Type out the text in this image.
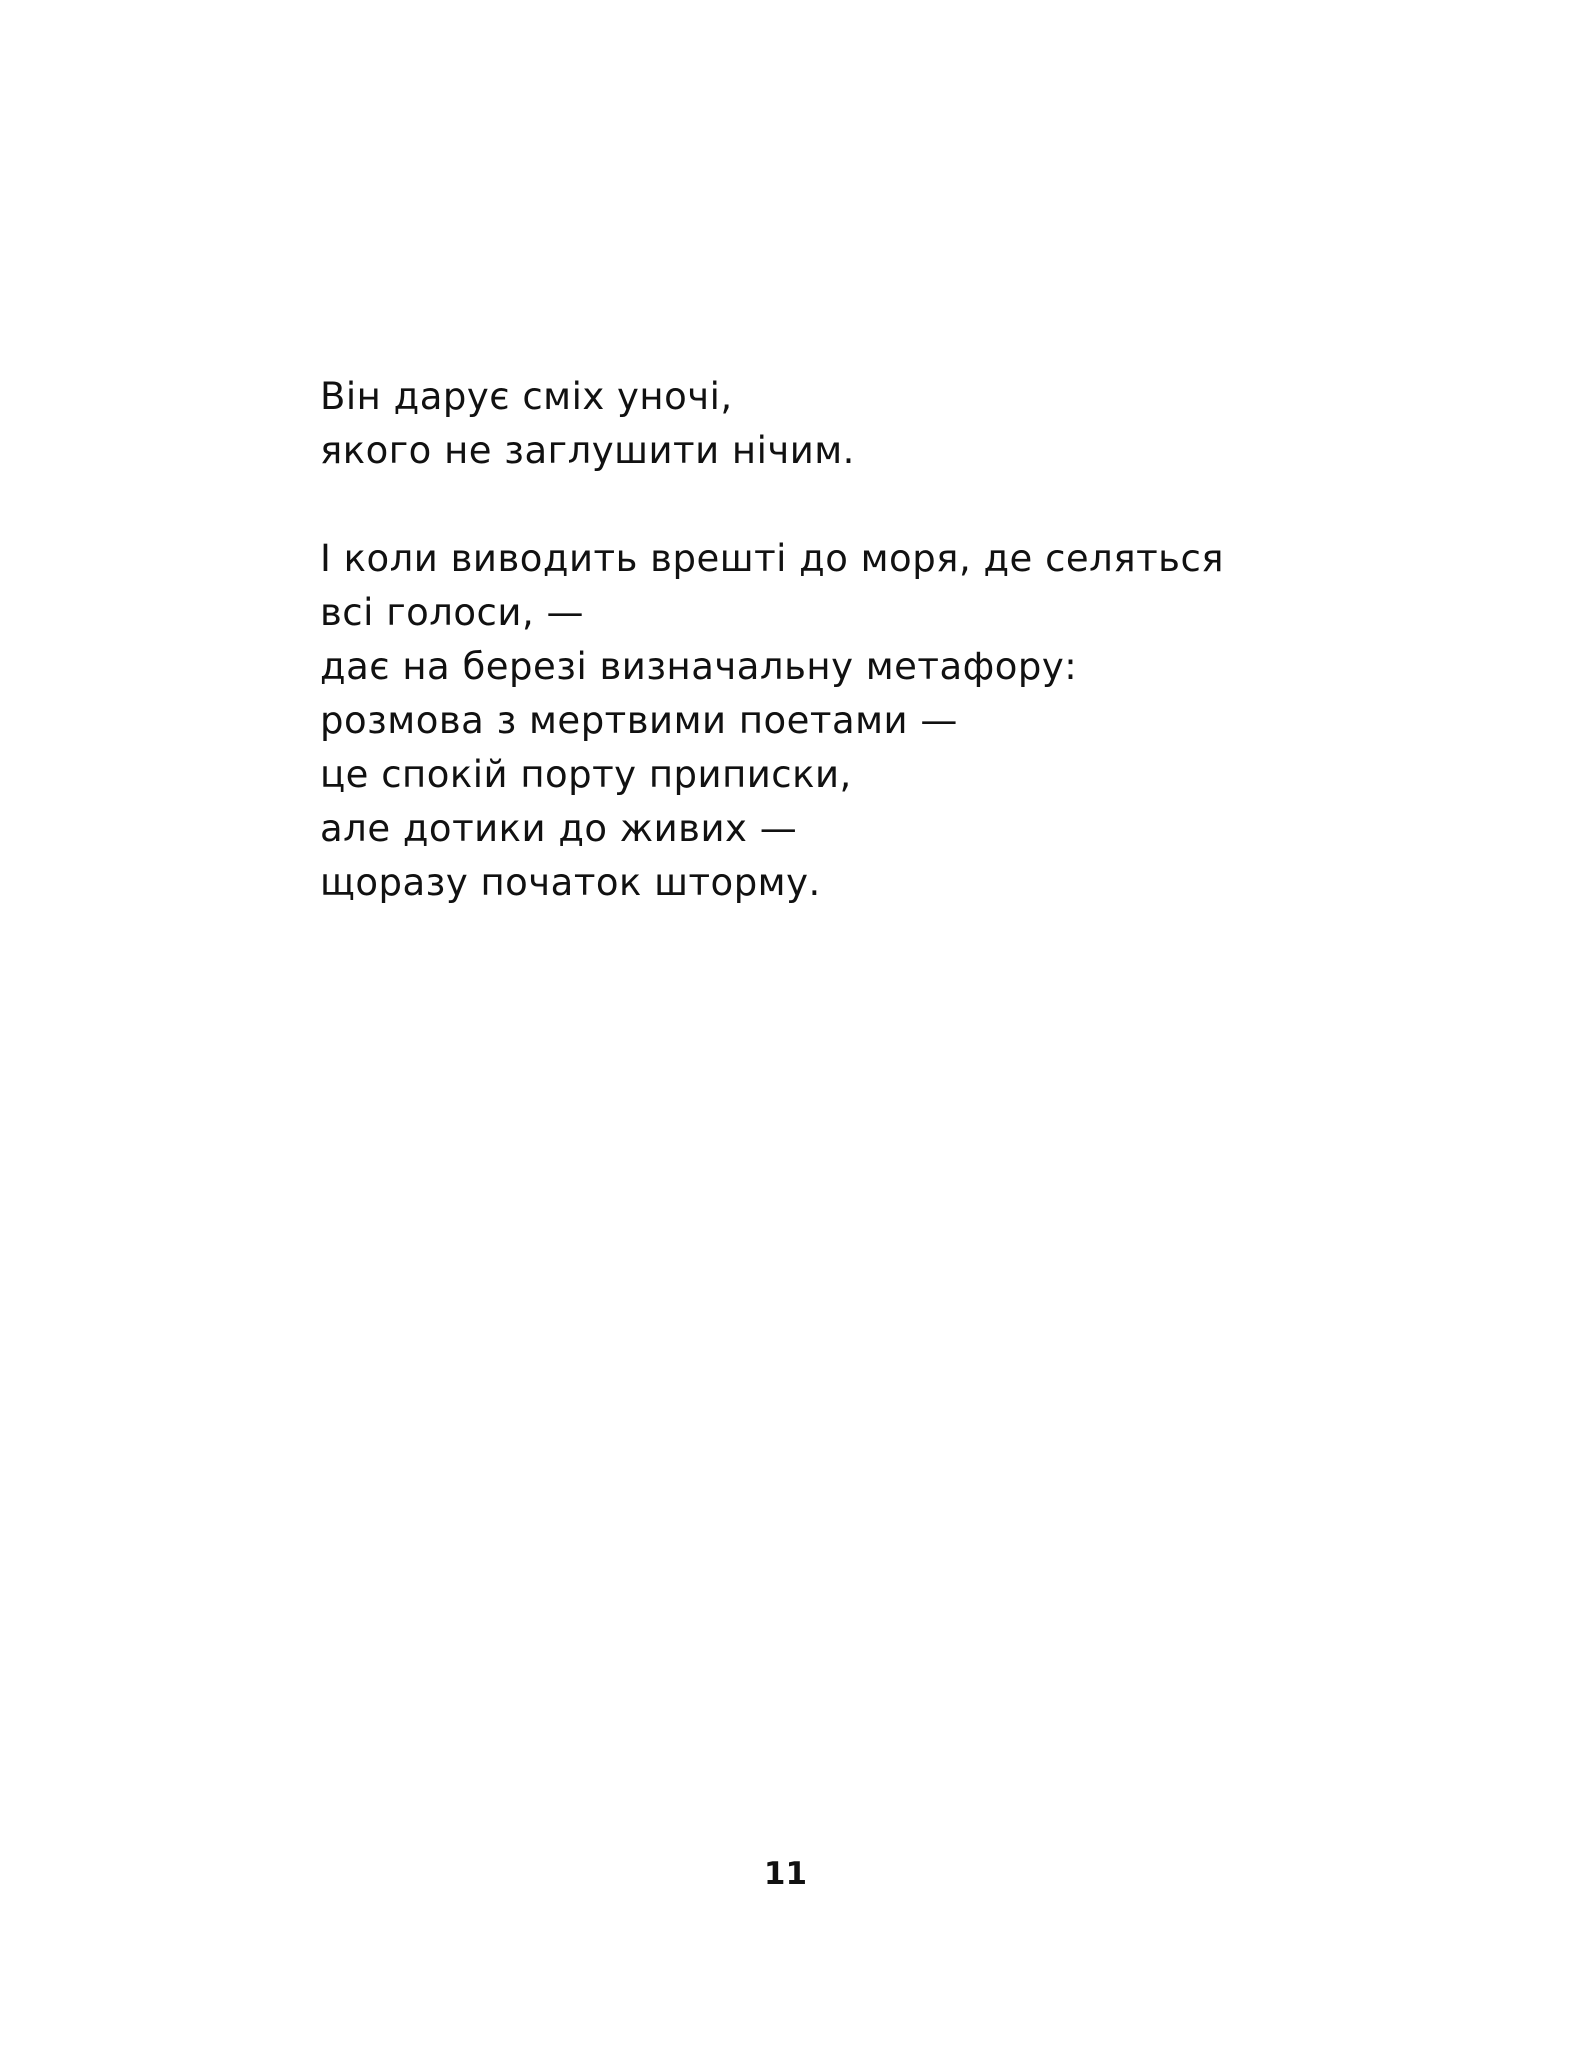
Він дарує сміх уночі,
якого не заглушити нічим.
І коли виводить врешті до моря, де селяться
всі голоси, —
дає на березі визначальну метафору:
розмова з мертвими поетами —
це спокій порту приписки,
але дотики до живих —
щоразу початок шторму.
11
